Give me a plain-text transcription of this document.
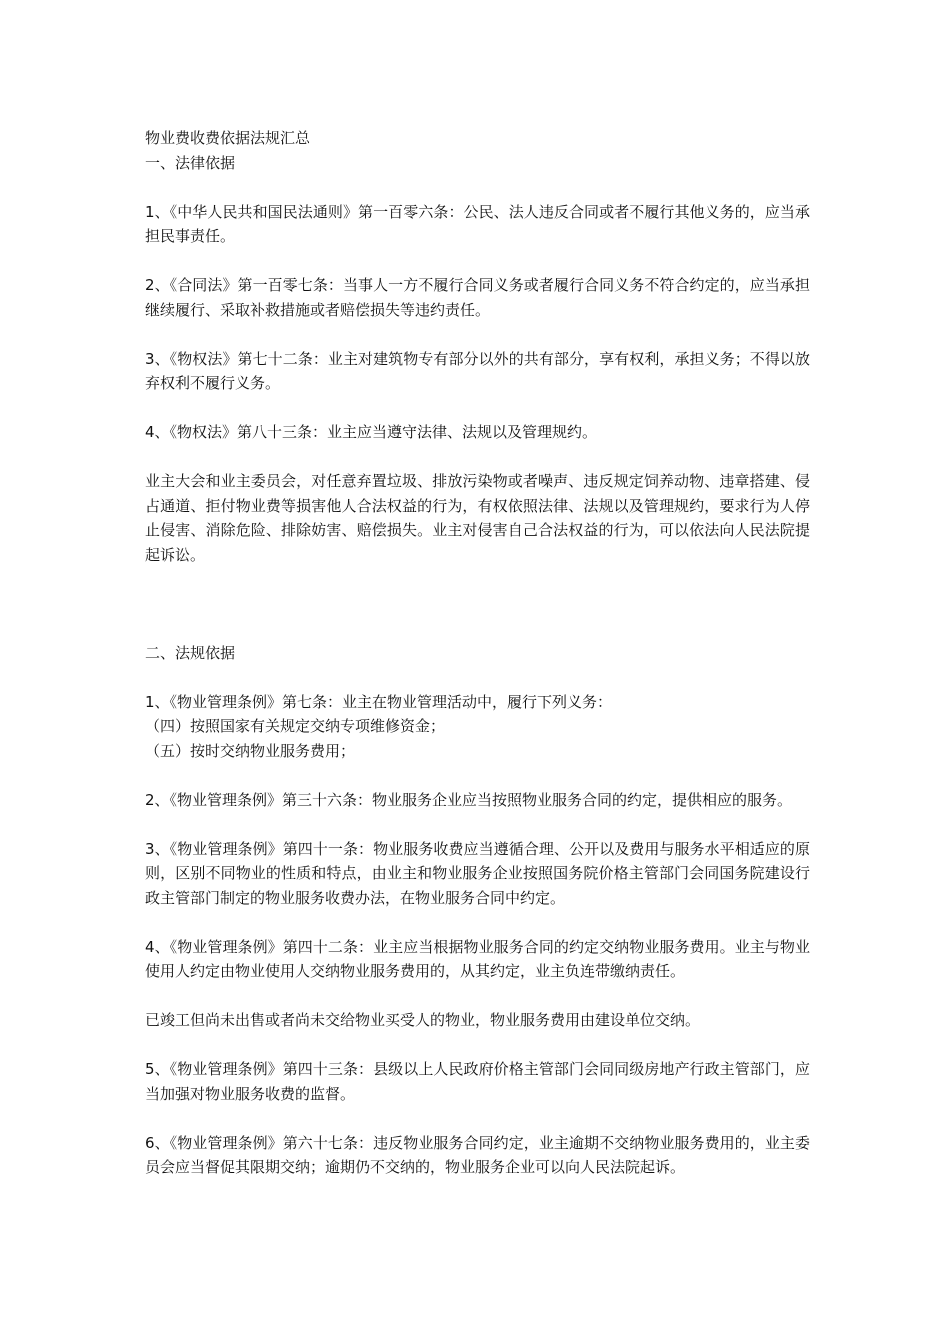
物业费收费依据法规汇总

一、法律依据

1、《中华人民共和国民法通则》第一百零六条：公民、法人违反合同或者不履行其他义务的，应当承担民事责任。

2、《合同法》第一百零七条：当事人一方不履行合同义务或者履行合同义务不符合约定的，应当承担继续履行、采取补救措施或者赔偿损失等违约责任。

3、《物权法》第七十二条：业主对建筑物专有部分以外的共有部分，享有权利，承担义务；不得以放弃权利不履行义务。

4、《物权法》第八十三条：业主应当遵守法律、法规以及管理规约。

业主大会和业主委员会，对任意弃置垃圾、排放污染物或者噪声、违反规定饲养动物、违章搭建、侵占通道、拒付物业费等损害他人合法权益的行为，有权依照法律、法规以及管理规约，要求行为人停止侵害、消除危险、排除妨害、赔偿损失。业主对侵害自己合法权益的行为，可以依法向人民法院提起诉讼。

二、法规依据

1、《物业管理条例》第七条：业主在物业管理活动中，履行下列义务：

（四）按照国家有关规定交纳专项维修资金；

（五）按时交纳物业服务费用；

2、《物业管理条例》第三十六条：物业服务企业应当按照物业服务合同的约定，提供相应的服务。

3、《物业管理条例》第四十一条：物业服务收费应当遵循合理、公开以及费用与服务水平相适应的原则，区别不同物业的性质和特点，由业主和物业服务企业按照国务院价格主管部门会同国务院建设行政主管部门制定的物业服务收费办法，在物业服务合同中约定。

4、《物业管理条例》第四十二条：业主应当根据物业服务合同的约定交纳物业服务费用。业主与物业使用人约定由物业使用人交纳物业服务费用的，从其约定，业主负连带缴纳责任。

已竣工但尚未出售或者尚未交给物业买受人的物业，物业服务费用由建设单位交纳。

5、《物业管理条例》第四十三条：县级以上人民政府价格主管部门会同同级房地产行政主管部门，应当加强对物业服务收费的监督。

6、《物业管理条例》第六十七条：违反物业服务合同约定，业主逾期不交纳物业服务费用的，业主委员会应当督促其限期交纳；逾期仍不交纳的，物业服务企业可以向人民法院起诉。
